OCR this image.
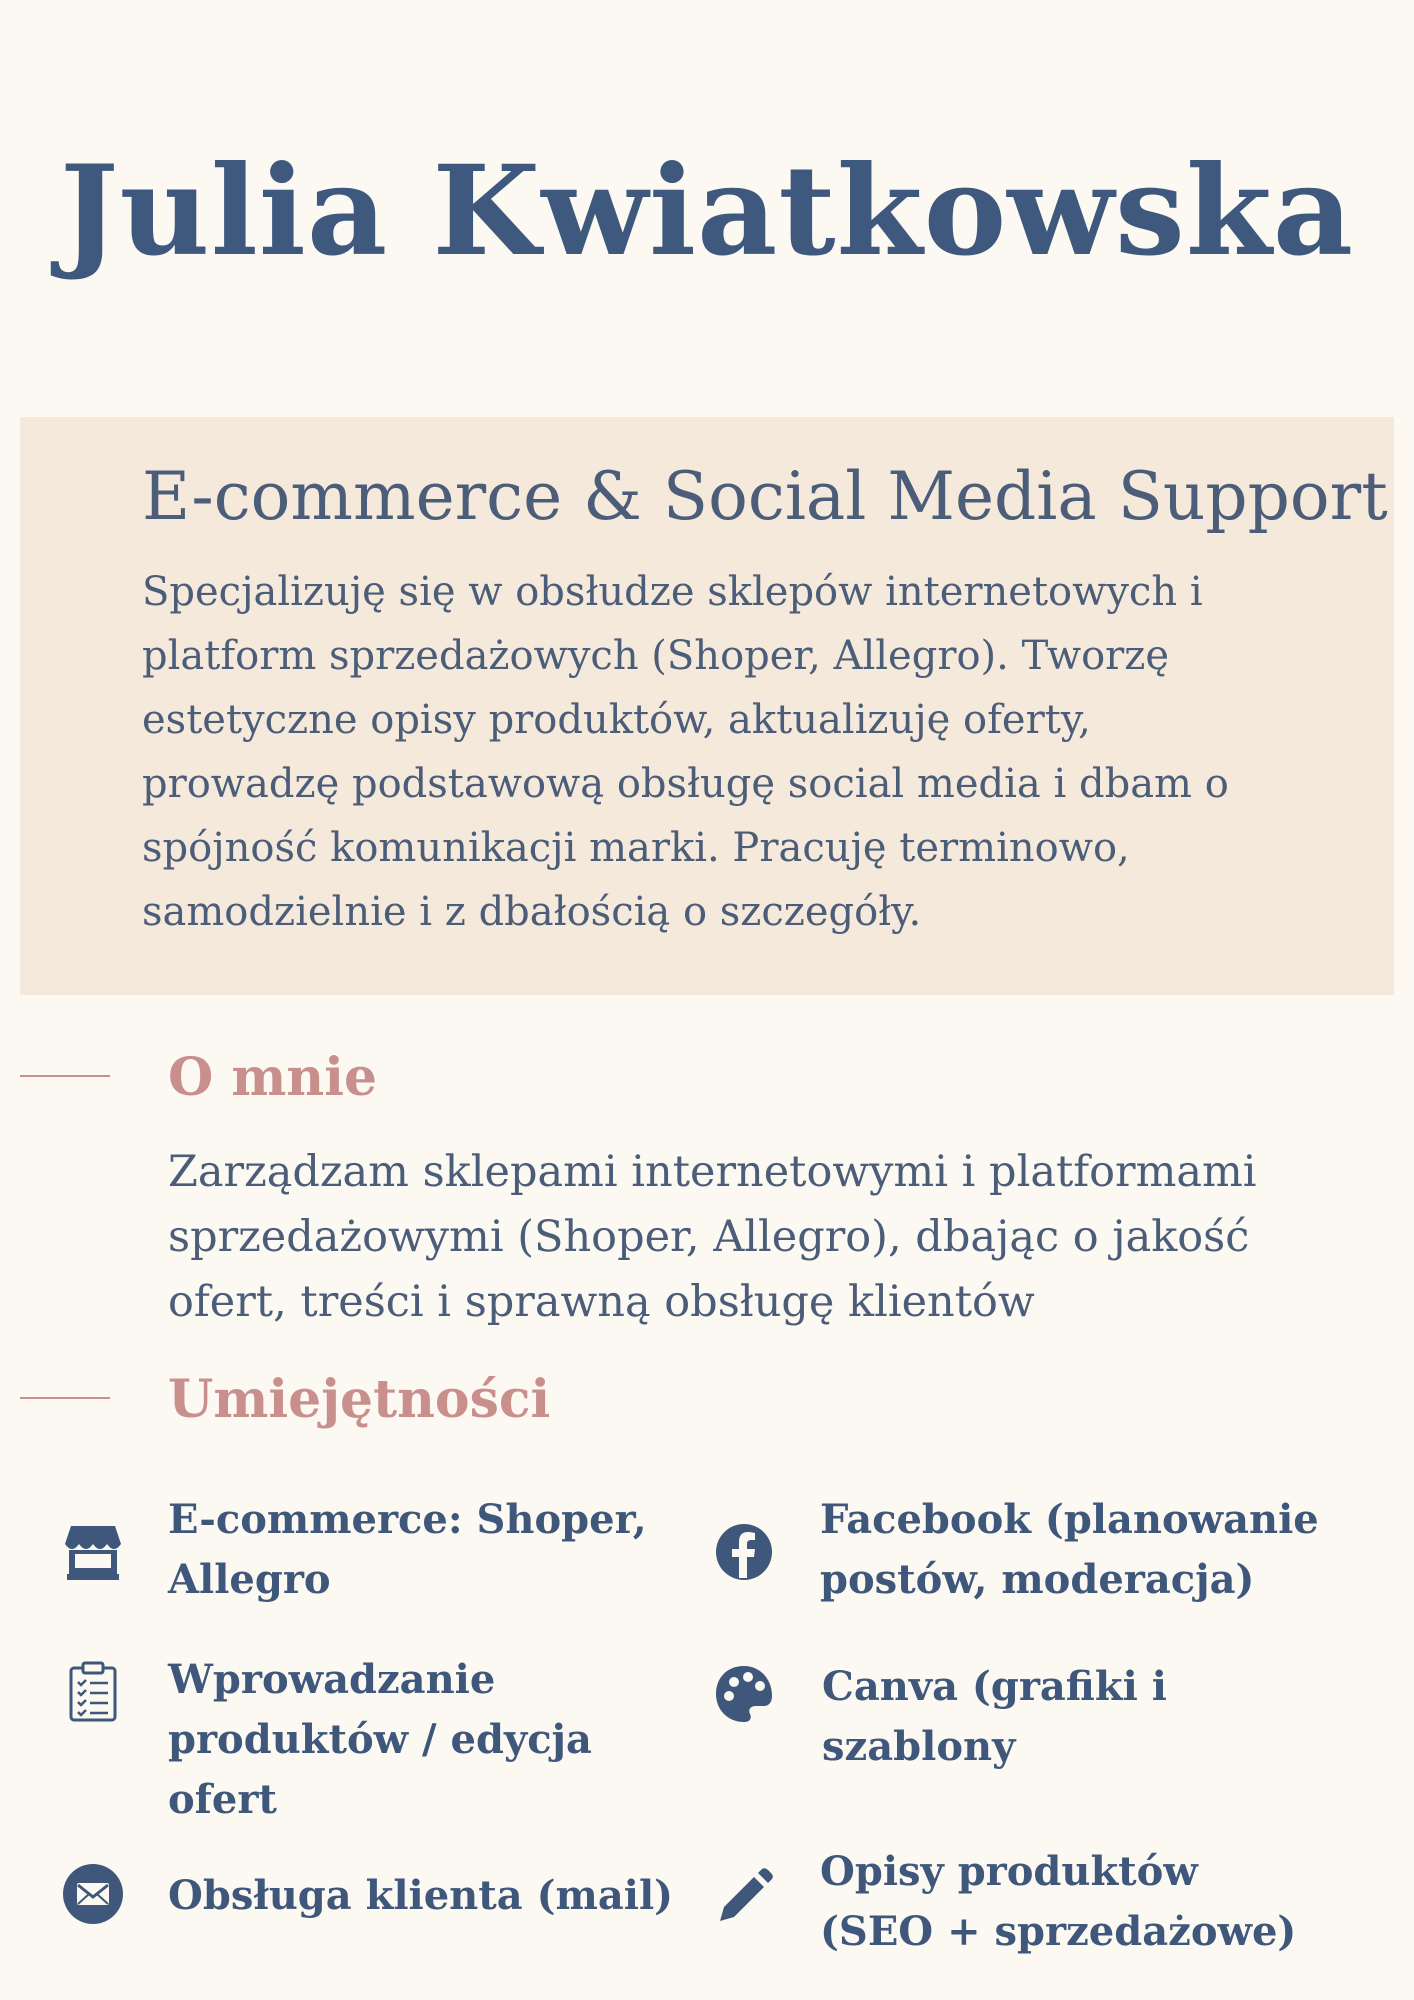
Julia Kwiatkowska
E-commerce & Social Media Support
Specjalizuję się w obsłudze sklepów internetowych i
platform sprzedażowych (Shoper, Allegro). Tworzę
estetyczne opisy produktów, aktualizuję oferty,
prowadzę podstawową obsługę social media i dbam o
spójność komunikacji marki. Pracuję terminowo,
samodzielnie i z dbałością o szczegóły.
O mnie
Zarządzam sklepami internetowymi i platformami
sprzedażowymi (Shoper, Allegro), dbając o jakość
ofert, treści i sprawną obsługę klientów
Umiejętności
E-commerce: Shoper,
Allegro
Facebook (planowanie
postów, moderacja)
Wprowadzanie
produktów / edycja
ofert
Canva (grafiki i
szablony
Obsługa klienta (mail)
Opisy produktów
(SEO + sprzedażowe)
